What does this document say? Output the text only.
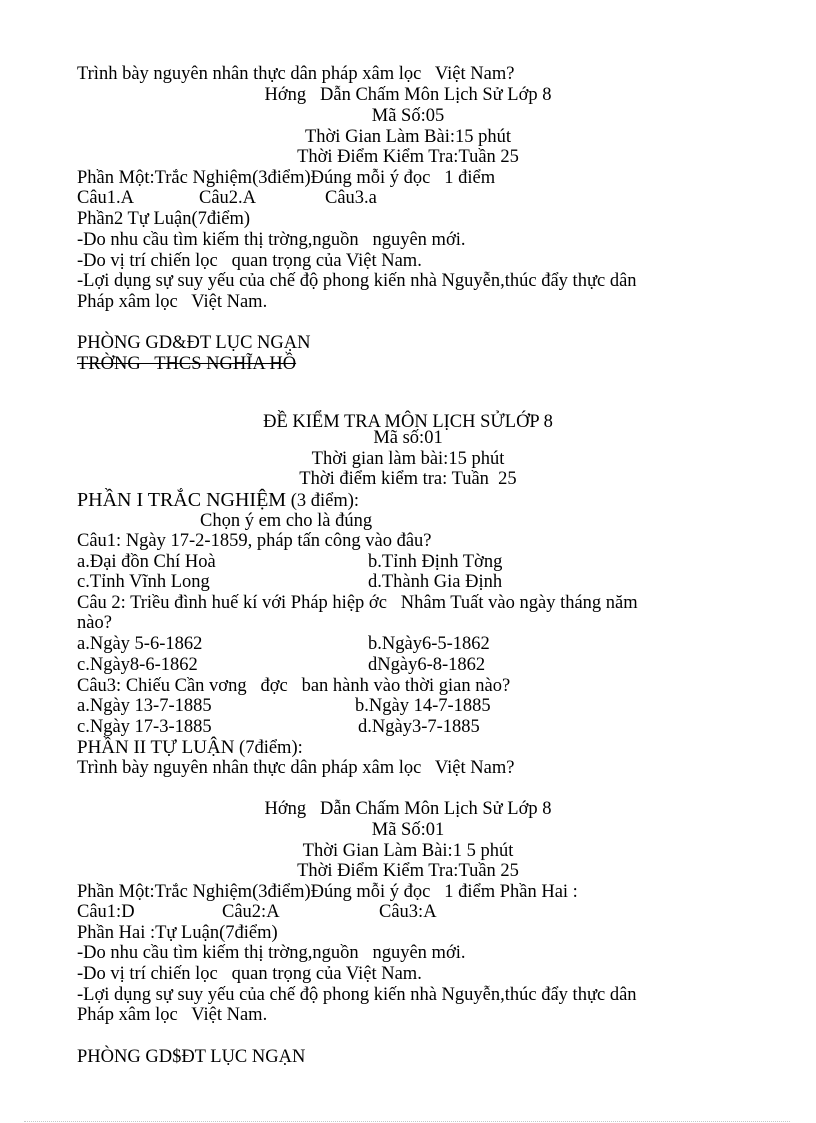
Trình bày nguyên nhân thực dân pháp xâm lọc   Việt Nam?
Hớng   Dẫn Chấm Môn Lịch Sử Lớp 8
Mã Số:05
Thời Gian Làm Bài:15 phút
Thời Điểm Kiểm Tra:Tuần 25
Phần Một:Trắc Nghiệm(3điểm)Đúng mỗi ý đọc   1 điểm
Câu1.A	Câu2.A	Câu3.a
Phần2 Tự Luận(7điểm)
-Do nhu cầu tìm kiếm thị trờng,nguồn   nguyên mới.
-Do vị trí chiến lọc   quan trọng của Việt Nam.
-Lợi dụng sự suy yếu của chế độ phong kiến nhà Nguyễn,thúc đẩy thực dân
Pháp xâm lọc   Việt Nam.
PHÒNG GD&ĐT LỤC NGẠN
TRỜNG   THCS NGHĨA HỒ
ĐỀ KIỂM TRA MÔN LỊCH SỬLỚP 8
Mã số:01
Thời gian làm bài:15 phút
Thời điểm kiểm tra: Tuần  25
PHẦN I TRẮC NGHIỆM (3 điểm):
Chọn ý em cho là đúng
Câu1: Ngày 17-2-1859, pháp tấn công vào đâu?
a.Đại đồn Chí Hoà	b.Tỉnh Định Tờng
c.Tỉnh Vĩnh Long	d.Thành Gia Định
Câu 2: Triều đình huế kí với Pháp hiệp ớc   Nhâm Tuất vào ngày tháng năm
nào?
a.Ngày 5-6-1862	b.Ngày6-5-1862
c.Ngày8-6-1862	dNgày6-8-1862
Câu3: Chiếu Cần vơng   đợc   ban hành vào thời gian nào?
a.Ngày 13-7-1885	b.Ngày 14-7-1885
c.Ngày 17-3-1885	d.Ngày3-7-1885
PHẦN II TỰ LUẬN (7điểm):
Trình bày nguyên nhân thực dân pháp xâm lọc   Việt Nam?
Hớng   Dẫn Chấm Môn Lịch Sử Lớp 8
Mã Số:01
Thời Gian Làm Bài:1 5 phút
Thời Điểm Kiểm Tra:Tuần 25
Phần Một:Trắc Nghiệm(3điểm)Đúng mỗi ý đọc   1 điểm Phần Hai :
Câu1:D	Câu2:A	Câu3:A
Phần Hai :Tự Luận(7điểm)
-Do nhu cầu tìm kiếm thị trờng,nguồn   nguyên mới.
-Do vị trí chiến lọc   quan trọng của Việt Nam.
-Lợi dụng sự suy yếu của chế độ phong kiến nhà Nguyễn,thúc đẩy thực dân
Pháp xâm lọc   Việt Nam.
PHÒNG GD$ĐT LỤC NGẠN
